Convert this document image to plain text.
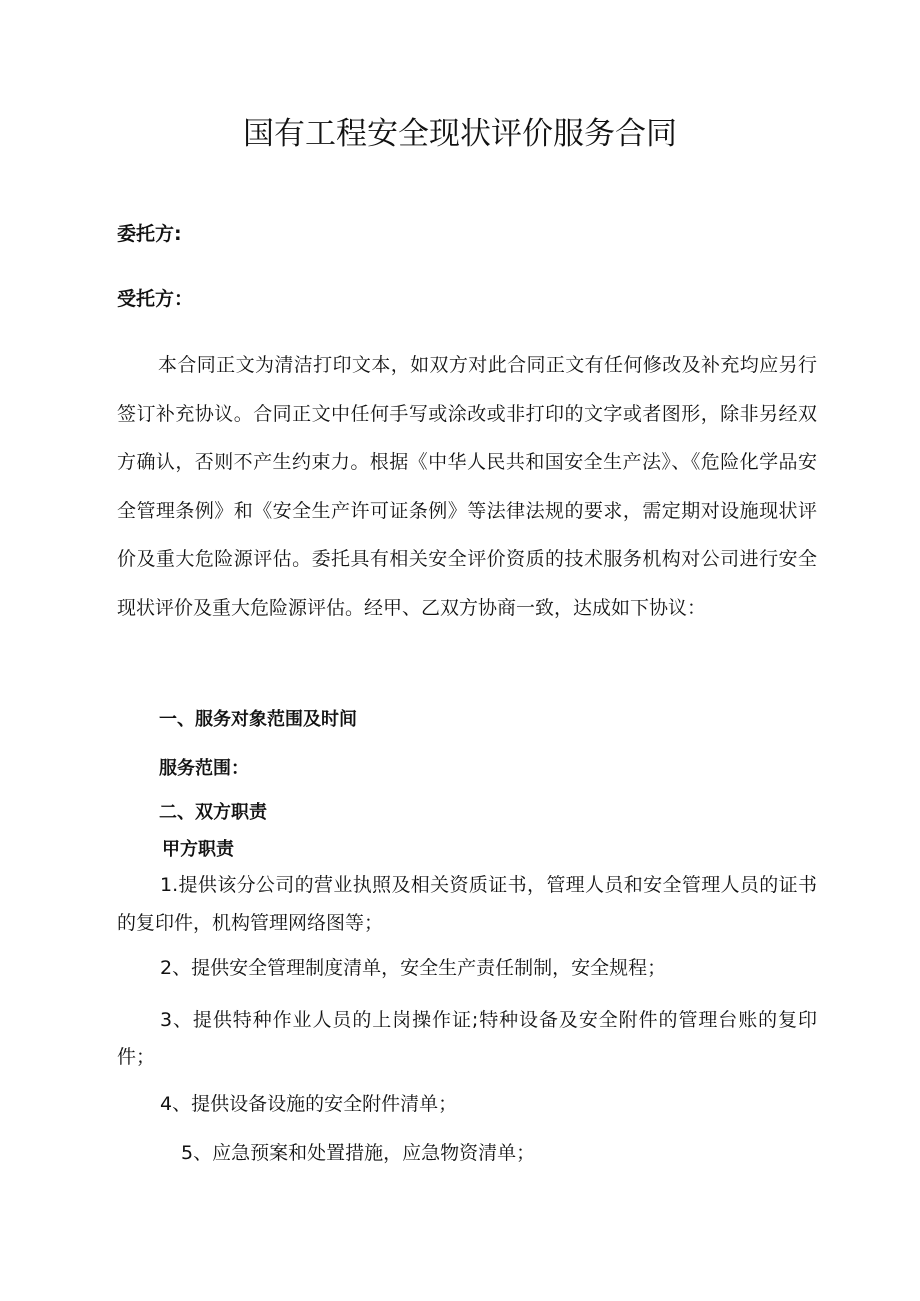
国有工程安全现状评价服务合同
委托方:
受托方：

本合同正文为清洁打印文本，如双方对此合同正文有任何修改及补充均应另行签订补充协议。合同正文中任何手写或涂改或非打印的文字或者图形，除非另经双方确认，否则不产生约束力。根据《中华人民共和国安全生产法》、《危险化学品安全管理条例》和《安全生产许可证条例》等法律法规的要求，需定期对设施现状评价及重大危险源评估。委托具有相关安全评价资质的技术服务机构对公司进行安全现状评价及重大危险源评估。经甲、乙双方协商一致，达成如下协议：

一、服务对象范围及时间
服务范围：
二、双方职责
甲方职责

1.提供该分公司的营业执照及相关资质证书，管理人员和安全管理人员的证书的复印件，机构管理网络图等；

2、提供安全管理制度清单，安全生产责任制制，安全规程；

3、提供特种作业人员的上岗操作证;特种设备及安全附件的管理台账的复印件；

4、提供设备设施的安全附件清单；

5、应急预案和处置措施，应急物资清单；
